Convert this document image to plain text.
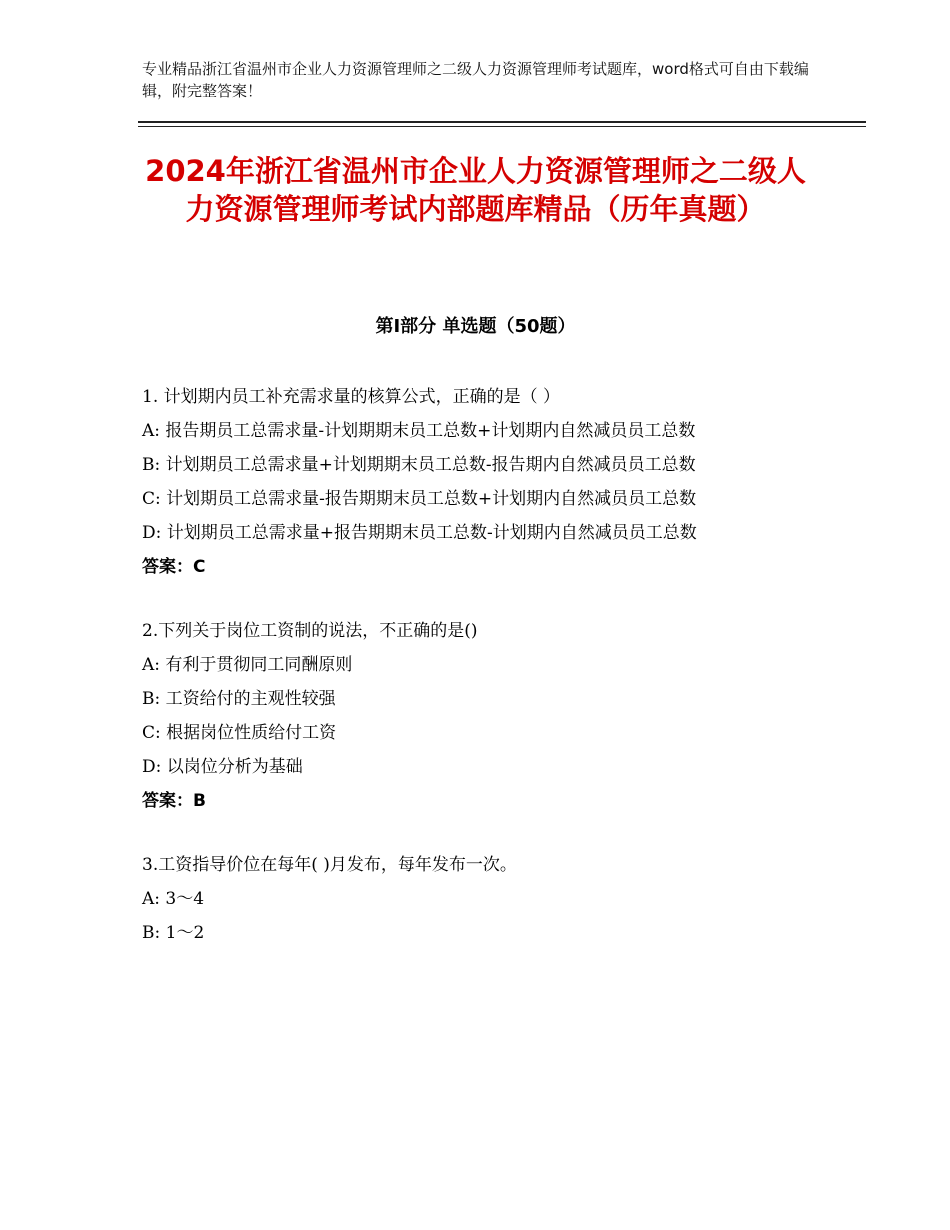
专业精品浙江省温州市企业人力资源管理师之二级人力资源管理师考试题库，word格式可自由下载编辑，附完整答案！
2024年浙江省温州市企业人力资源管理师之二级人力资源管理师考试内部题库精品（历年真题）
第Ⅰ部分 单选题（50题）
1. 计划期内员工补充需求量的核算公式，正确的是（ ）
A: 报告期员工总需求量-计划期期末员工总数+计划期内自然减员员工总数
B: 计划期员工总需求量+计划期期末员工总数-报告期内自然减员员工总数
C: 计划期员工总需求量-报告期期末员工总数+计划期内自然减员员工总数
D: 计划期员工总需求量+报告期期末员工总数-计划期内自然减员员工总数
答案：C
2.下列关于岗位工资制的说法，不正确的是()
A: 有利于贯彻同工同酬原则
B: 工资给付的主观性较强
C: 根据岗位性质给付工资
D: 以岗位分析为基础
答案：B
3.工资指导价位在每年( )月发布，每年发布一次。
A: 3～4
B: 1～2
